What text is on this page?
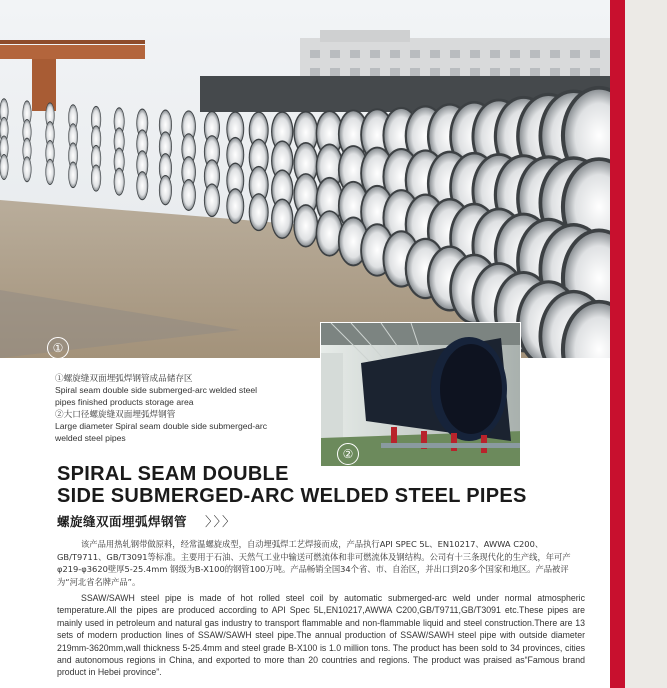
①
②

①螺旋缝双面埋弧焊钢管成品储存区

Spiral seam double side submerged-arc welded steel

pipes finished products storage area

②大口径螺旋缝双面埋弧焊钢管

Large diameter Spiral seam double side submerged-arc

welded steel pipes

SPIRAL SEAM DOUBLE
SIDE SUBMERGED-ARC WELDED STEEL PIPES
螺旋缝双面埋弧焊钢管 〉〉〉

该产品用热轧钢带做原料，经常温螺旋成型，自动埋弧焊工艺焊接而成，产品执行API SPEC 5L、EN10217、AWWA C200、GB/T9711、GB/T3091等标准。主要用于石油、天然气工业中输送可燃流体和非可燃流体及钢结构。公司有十三条现代化的生产线，年可产φ219-φ3620壁厚5-25.4mm 钢级为B-X100的钢管100万吨。产品畅销全国34个省、市、自治区，并出口到20多个国家和地区。产品被评为“河北省名牌产品”。

SSAW/SAWH steel pipe is made of hot rolled steel coil by automatic submerged-arc weld under normal atmospheric temperature.All the pipes are produced according to API Spec 5L,EN10217,AWWA C200,GB/T9711,GB/T3091 etc.These pipes are mainly used in petroleum and natural gas industry to transport flammable and non-flammable liquid and steel construction.There are 13 sets of modern production lines of SSAW/SAWH steel pipe.The annual production of SSAW/SAWH steel pipe with outside diameter 219mm-3620mm,wall thickness 5-25.4mm and steel grade B-X100 is 1.0 million tons. The product has been sold to 34 provinces, cities and autonomous regions in China, and exported to more than 20 countries and regions. The product was praised as“Famous brand product in Hebei province”.
